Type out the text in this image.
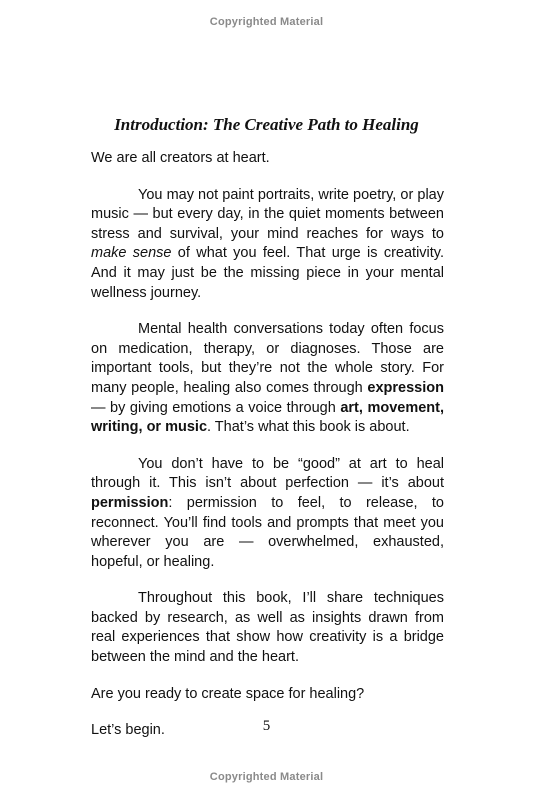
Copyrighted Material
Introduction: The Creative Path to Healing

We are all creators at heart.

You may not paint portraits, write poetry, or play music — but every day, in the quiet moments between stress and survival, your mind reaches for ways to make sense of what you feel. That urge is creativity. And it may just be the missing piece in your mental wellness journey.

Mental health conversations today often focus on medication, therapy, or diagnoses. Those are important tools, but they’re not the whole story. For many people, healing also comes through expression — by giving emotions a voice through art, movement, writing, or music. That’s what this book is about.

You don’t have to be “good” at art to heal through it. This isn’t about perfection — it’s about permission: permission to feel, to release, to reconnect. You’ll find tools and prompts that meet you wherever you are — overwhelmed, exhausted, hopeful, or healing.

Throughout this book, I’ll share techniques backed by research, as well as insights drawn from real experiences that show how creativity is a bridge between the mind and the heart.

Are you ready to create space for healing?

Let’s begin.	5
Copyrighted Material
